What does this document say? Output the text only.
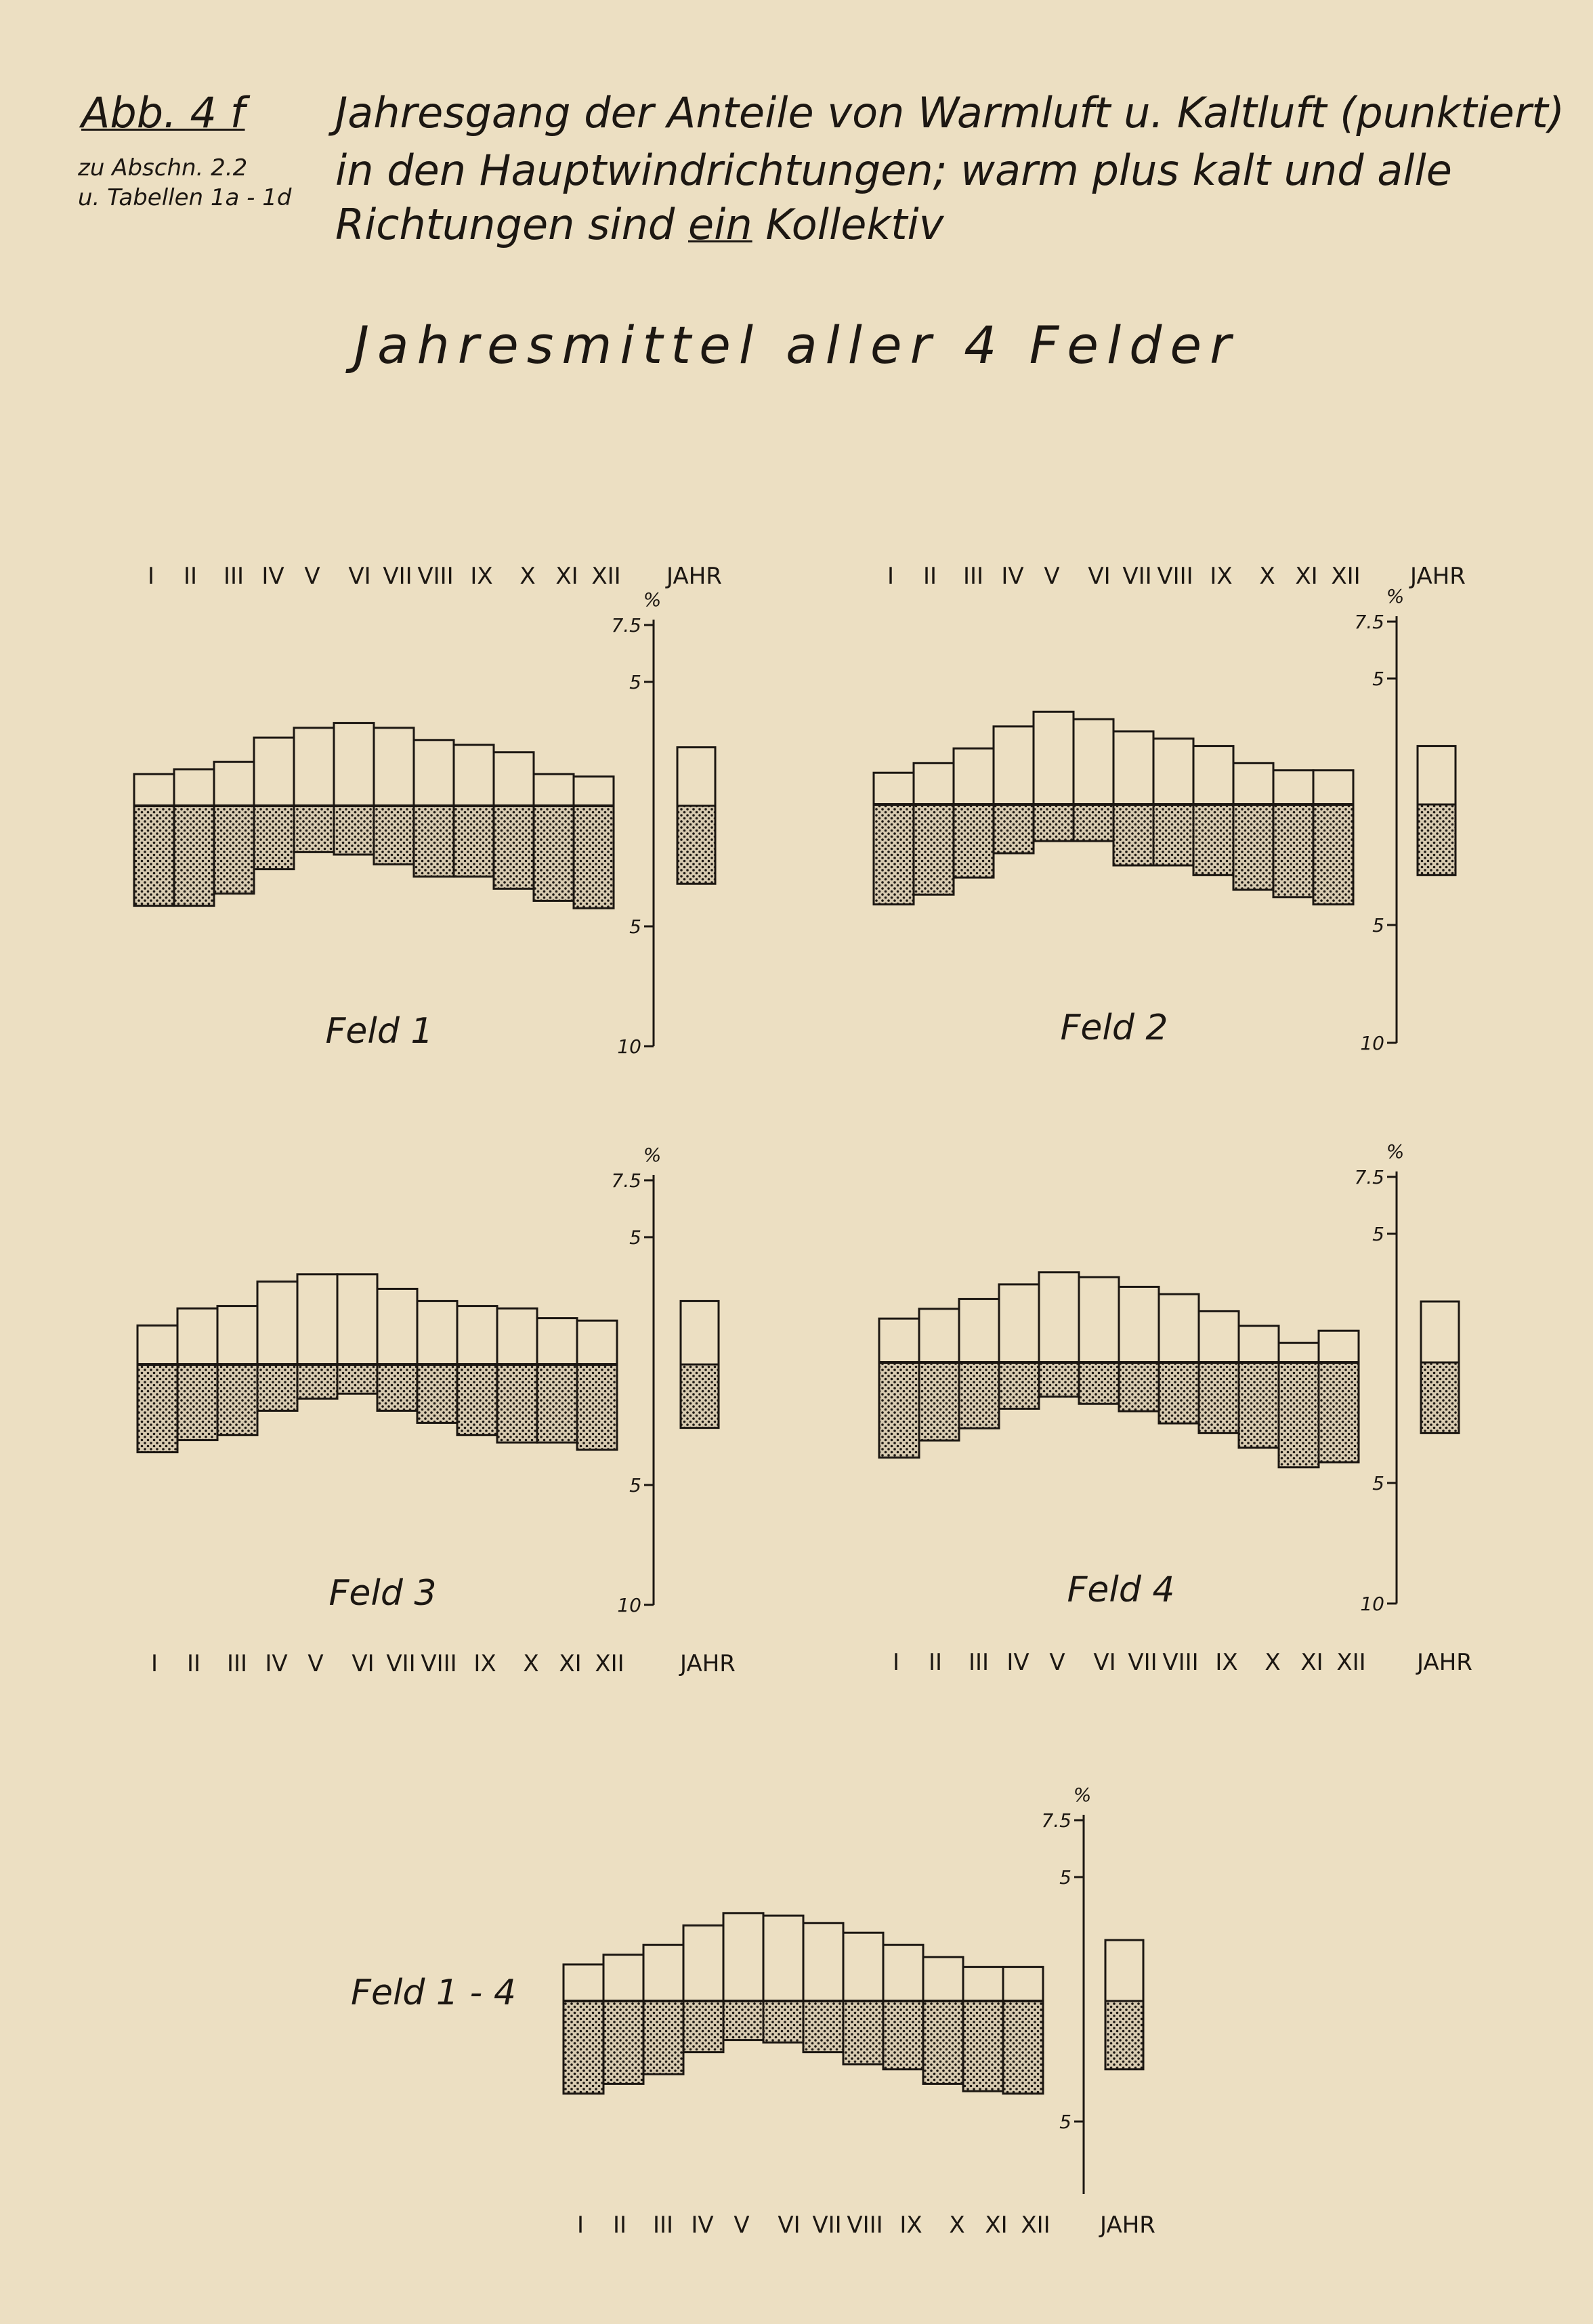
Abb. 4 f
zu Abschn. 2.2
u. Tabellen 1a - 1d
Jahresgang der Anteile von Warmluft u. Kaltluft (punktiert)
in den Hauptwindrichtungen; warm plus kalt und alle
Richtungen sind ein Kollektiv
Jahresmittel aller 4 Felder
%
7.5
5
5
10
I II III IV V VI VII VIII IX X XI XII JAHR
Feld 1
%
7.5
5
5
10
I II III IV V VI VII VIII IX X XI XII JAHR
Feld 2
%
7.5
5
5
10
I II III IV V VI VII VIII IX X XI XII JAHR
Feld 3
%
7.5
5
5
10
I II III IV V VI VII VIII IX X XI XII JAHR
Feld 4
%
7.5
5
5
I II III IV V VI VII VIII IX X XI XII JAHR
Feld 1 - 4
